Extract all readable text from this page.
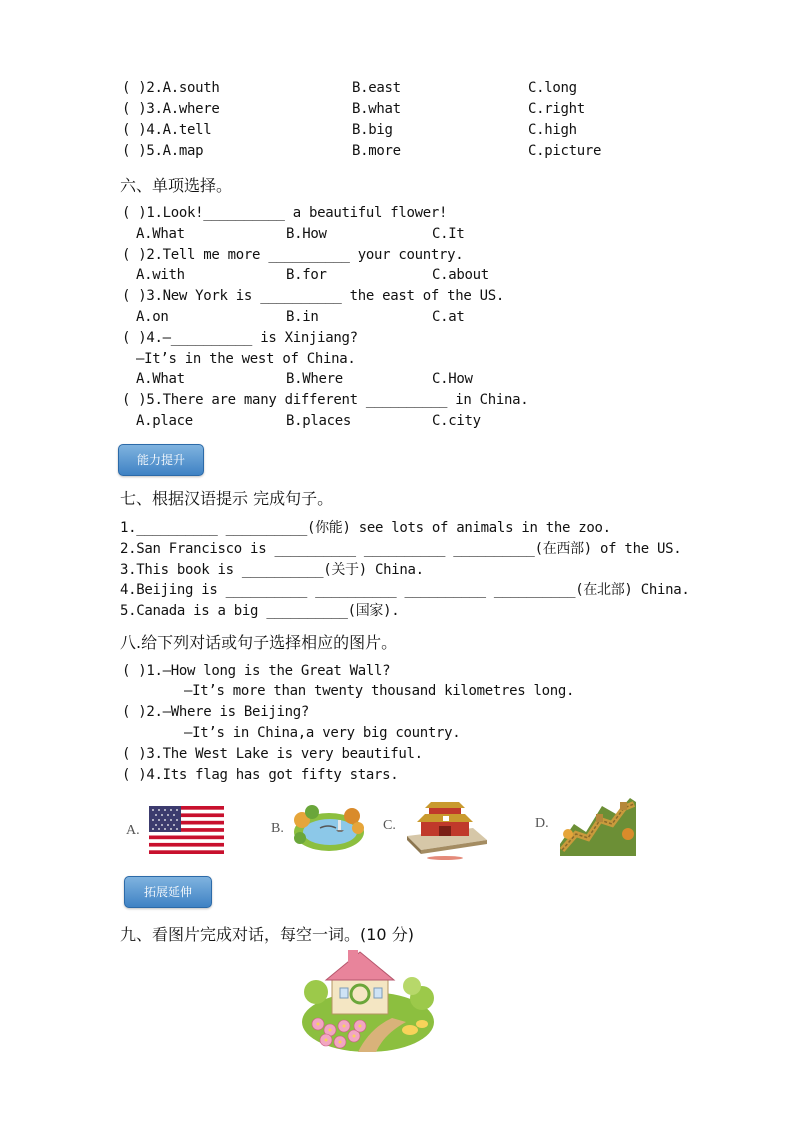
( )2.A.south	B.east	C.long
( )3.A.where	B.what	C.right
( )4.A.tell	B.big	C.high
( )5.A.map	B.more	C.picture
六、单项选择。
( )1.Look!__________ a beautiful flower!
A.What	B.How	C.It
( )2.Tell me more __________ your country.
A.with	B.for	C.about
( )3.New York is __________ the east of the US.
A.on	B.in	C.at
( )4.—__________ is Xinjiang?
—It’s in the west of China.
A.What	B.Where	C.How
( )5.There are many different __________ in China.
A.place	B.places	C.city
能力提升
七、根据汉语提示 完成句子。
1.__________ __________(你能) see lots of animals in the zoo.
2.San Francisco is __________ __________ __________(在西部) of the US.
3.This book is __________(关于) China.
4.Beijing is __________ __________ __________ __________(在北部) China.
5.Canada is a big __________(国家).
八.给下列对话或句子选择相应的图片。
( )1.—How long is the Great Wall?
—It’s more than twenty thousand kilometres long.
( )2.—Where is Beijing?
—It’s in China,a very big country.
( )3.The West Lake is very beautiful.
( )4.Its flag has got fifty stars.
A.	B.	C.	D.
拓展延伸
九、看图片完成对话，每空一词。(10 分)
